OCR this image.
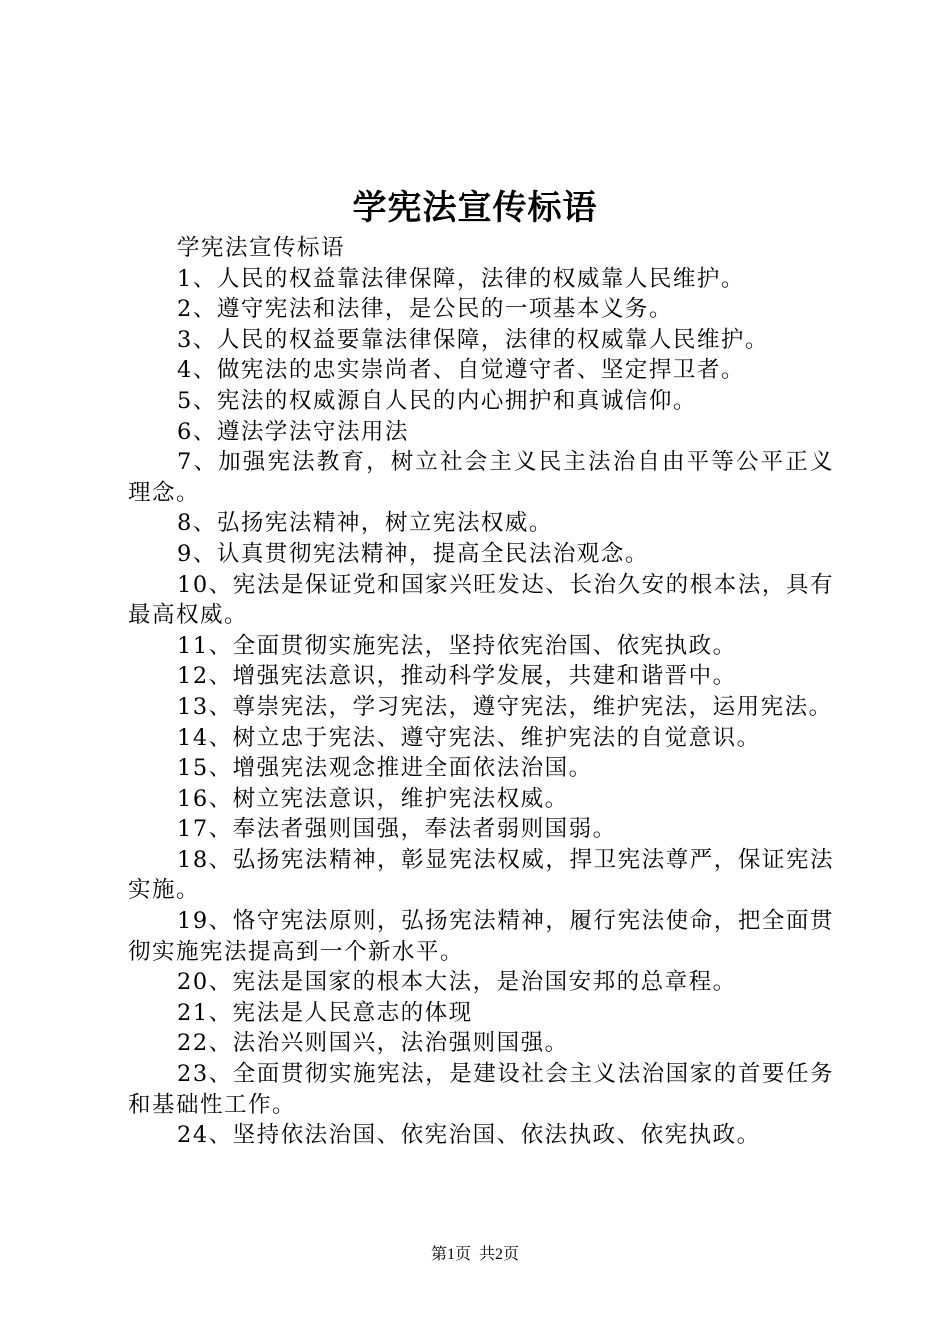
学宪法宣传标语

学宪法宣传标语

1、人民的权益靠法律保障，法律的权威靠人民维护。

2、遵守宪法和法律，是公民的一项基本义务。

3、人民的权益要靠法律保障，法律的权威靠人民维护。

4、做宪法的忠实崇尚者、自觉遵守者、坚定捍卫者。

5、宪法的权威源自人民的内心拥护和真诚信仰。

6、遵法学法守法用法

7、加强宪法教育，树立社会主义民主法治自由平等公平正义理念。

8、弘扬宪法精神，树立宪法权威。

9、认真贯彻宪法精神，提高全民法治观念。

10、宪法是保证党和国家兴旺发达、长治久安的根本法，具有最高权威。

11、全面贯彻实施宪法，坚持依宪治国、依宪执政。

12、增强宪法意识，推动科学发展，共建和谐晋中。

13、尊崇宪法，学习宪法，遵守宪法，维护宪法，运用宪法。

14、树立忠于宪法、遵守宪法、维护宪法的自觉意识。

15、增强宪法观念推进全面依法治国。

16、树立宪法意识，维护宪法权威。

17、奉法者强则国强，奉法者弱则国弱。

18、弘扬宪法精神，彰显宪法权威，捍卫宪法尊严，保证宪法实施。

19、恪守宪法原则，弘扬宪法精神，履行宪法使命，把全面贯彻实施宪法提高到一个新水平。

20、宪法是国家的根本大法，是治国安邦的总章程。

21、宪法是人民意志的体现

22、法治兴则国兴，法治强则国强。

23、全面贯彻实施宪法，是建设社会主义法治国家的首要任务和基础性工作。

24、坚持依法治国、依宪治国、依法执政、依宪执政。

第1页 共2页
